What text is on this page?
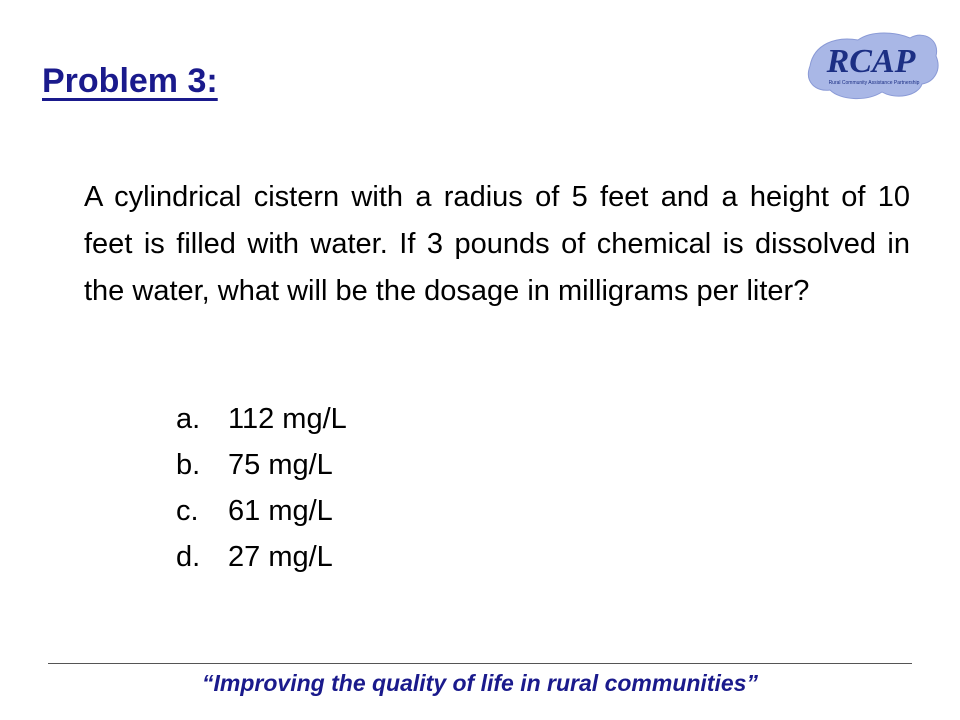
Problem 3:
RCAP
Rural Community Assistance Partnership

A cylindrical cistern with a radius of 5 feet and a height of 10 feet is filled with water. If 3 pounds of chemical is dissolved in the water, what will be the dosage in milligrams per liter?

a. 112 mg/L
b. 75 mg/L
c. 61 mg/L
d. 27 mg/L
“Improving the quality of life in rural communities”
